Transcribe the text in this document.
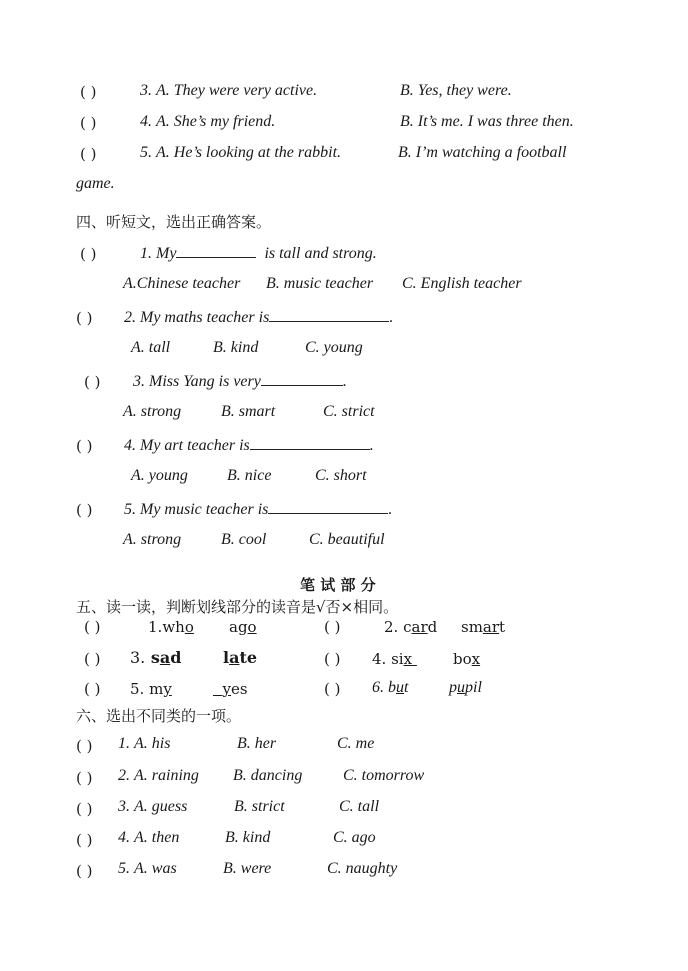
( )	3. A. They were very active.	B. Yes, they were.
( )	4. A. She’s my friend.	B. It’s me. I was three then.
( )	5. A. He’s looking at the rabbit.	B. I’m watching a football
game.
四、听短文，选出正确答案。
( )	1. My	is tall and strong.
A.Chinese teacher B. music teacher C. English teacher
( ) 2. My maths teacher is	.
A. tall	B. kind	C. young
( ) 3. Miss Yang is very	.
A. strong B. smart	C. strict
( ) 4. My art teacher is	.
A. young B. nice	C. short
( ) 5. My music teacher is	.
A. strong B. cool	C. beautiful
笔 试 部 分
五、读一读，判断划线部分的读音是√否×相同。
( )	1.who ago	( )	2. card smart
( ) 3. sad	late	( ) 4. six	box
( ) 5. my	yes	( ) 6. but	pupil
六、选出不同类的一项。
( ) 1. A. his	B. her	C. me
( ) 2. A. raining B. dancing	C. tomorrow
( ) 3. A. guess	B. strict	C. tall
( ) 4. A. then	B. kind	C. ago
( ) 5. A. was	B. were	C. naughty
